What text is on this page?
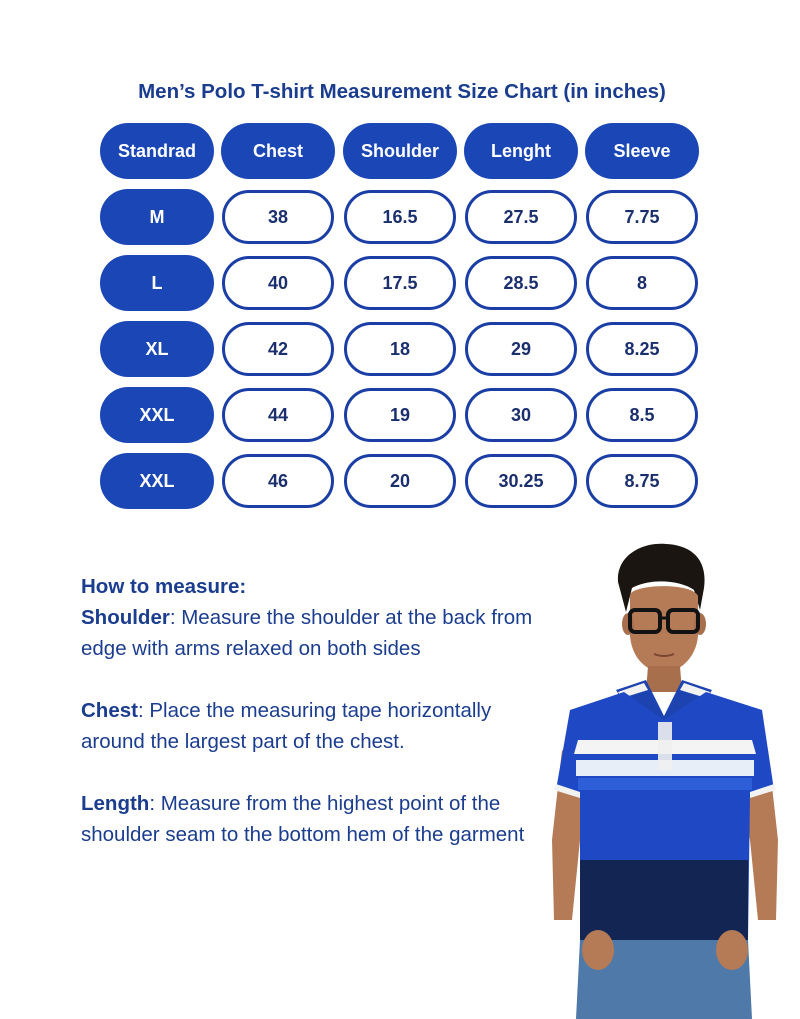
Men’s Polo T-shirt Measurement Size Chart (in inches)
Standrad	Chest	Shoulder	Lenght	Sleeve
M	38	16.5	27.5	7.75
L	40	17.5	28.5	8
XL	42	18	29	8.25
XXL	44	19	30	8.5
XXL	46	20	30.25	8.75

How to measure:

Shoulder: Measure the shoulder at the back from edge with arms relaxed on both sides

Chest: Place the measuring tape horizontally around the largest part of the chest.

Length: Measure from the highest point of the shoulder seam to the bottom hem of the garment
